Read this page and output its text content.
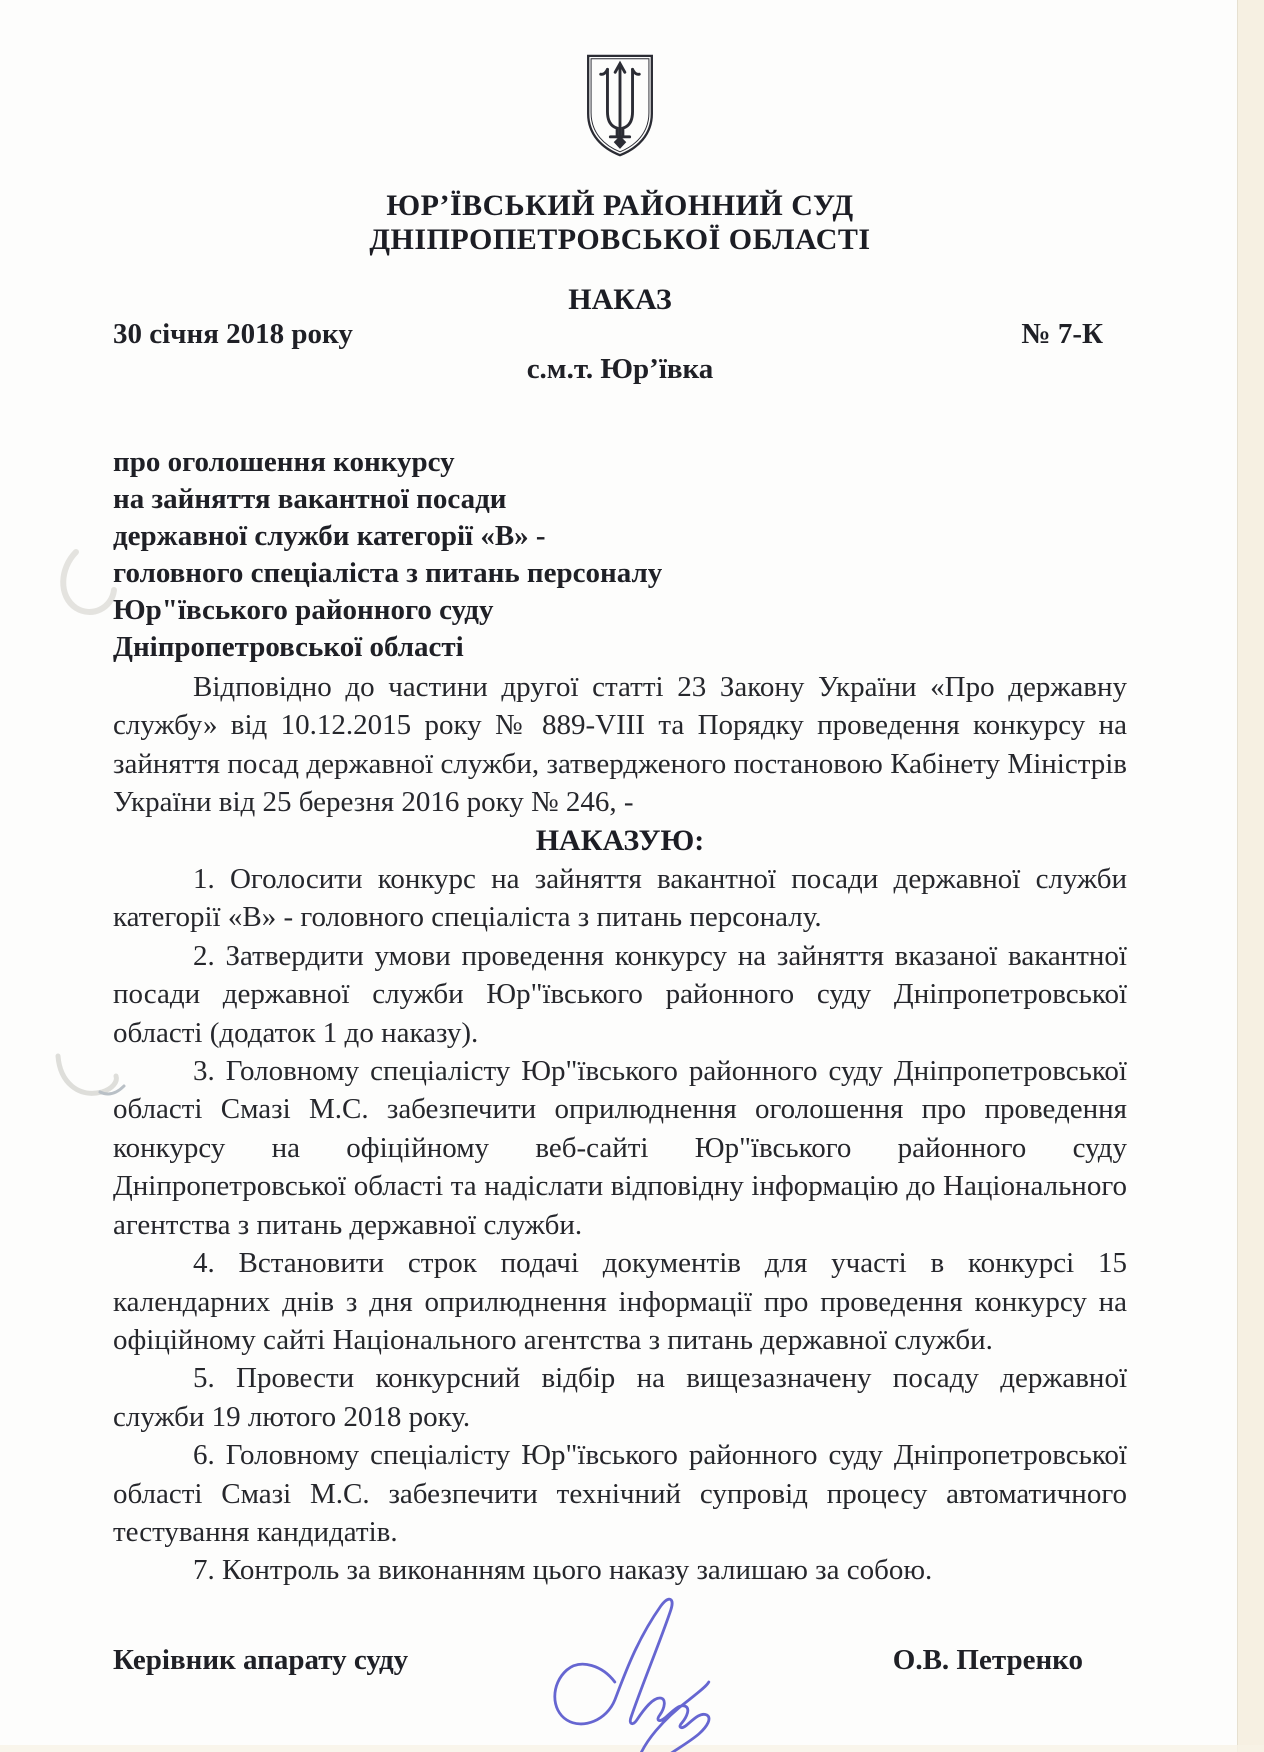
ЮР’ЇВСЬКИЙ РАЙОННИЙ СУД
ДНІПРОПЕТРОВСЬКОЇ ОБЛАСТІ
НАКАЗ
30 січня 2018 року	№ 7-К
с.м.т. Юр’ївка
про оголошення конкурсу
на зайняття вакантної посади
державної служби категорії «В» -
головного спеціаліста з питань персоналу
Юр"ївського районного суду
Дніпропетровської області

Відповідно до частини другої статті 23 Закону України «Про державну службу» від 10.12.2015 року № 889-VIII та Порядку проведення конкурсу на зайняття посад державної служби, затвердженого постановою Кабінету Міністрів України від 25 березня 2016 року № 246, -

НАКАЗУЮ:

1. Оголосити конкурс на зайняття вакантної посади державної служби категорії «В» - головного спеціаліста з питань персоналу.

2. Затвердити умови проведення конкурсу на зайняття вказаної вакантної посади державної служби Юр"ївського районного суду Дніпропетровської області (додаток 1 до наказу).

3. Головному спеціалісту Юр"ївського районного суду Дніпропетровської області Смазі М.С. забезпечити оприлюднення оголошення про проведення конкурсу на офіційному веб-сайті Юр"ївського районного суду Дніпропетровської області та надіслати відповідну інформацію до Національного агентства з питань державної служби.

4. Встановити строк подачі документів для участі в конкурсі 15 календарних днів з дня оприлюднення інформації про проведення конкурсу на офіційному сайті Національного агентства з питань державної служби.

5. Провести конкурсний відбір на вищезазначену посаду державної служби 19 лютого 2018 року.

6. Головному спеціалісту Юр"ївського районного суду Дніпропетровської області Смазі М.С. забезпечити технічний супровід процесу автоматичного тестування кандидатів.

7. Контроль за виконанням цього наказу залишаю за собою.

Керівник апарату суду	О.В. Петренко
